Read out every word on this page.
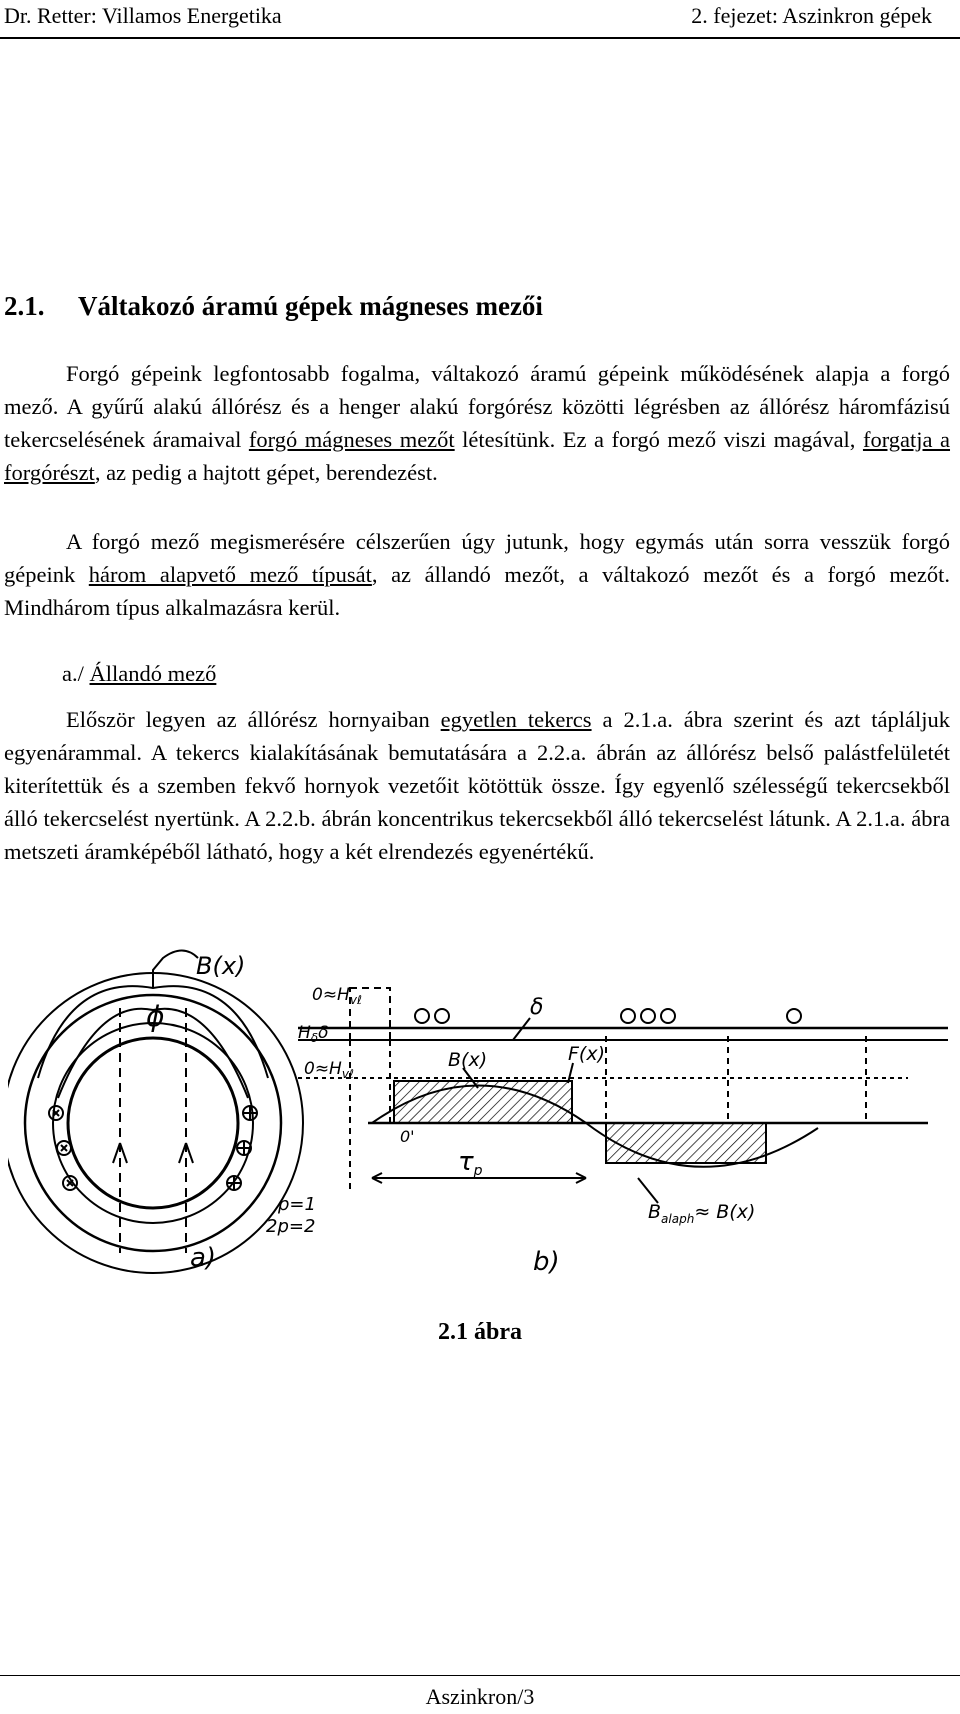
Dr. Retter: Villamos Energetika	2. fejezet: Aszinkron gépek
2.1. Váltakozó áramú gépek mágneses mezői

Forgó gépeink legfontosabb fogalma, váltakozó áramú gépeink működésének alapja a forgó mező. A gyűrű alakú állórész és a henger alakú forgórész közötti légrésben az állórész háromfázisú tekercselésének áramaival forgó mágneses mezőt létesítünk. Ez a forgó mező viszi magával, forgatja a forgórészt, az pedig a hajtott gépet, berendezést.

A forgó mező megismerésére célszerűen úgy jutunk, hogy egymás után sorra vesszük forgó gépeink három alapvető mező típusát, az állandó mezőt, a váltakozó mezőt és a forgó mezőt. Mindhárom típus alkalmazásra kerül.

a./ Állandó mező

Először legyen az állórész hornyaiban egyetlen tekercs a 2.1.a. ábra szerint és azt tápláljuk egyenárammal. A tekercs kialakításának bemutatására a 2.2.a. ábrán az állórész belső palástfelületét kiterítettük és a szemben fekvő hornyok vezetőit kötöttük össze. Így egyenlő szélességű tekercsekből álló tekercselést nyertünk. A 2.2.b. ábrán koncentrikus tekercsekből álló tekercselést látunk. A 2.1.a. ábra metszeti áramképéből látható, hogy a két elrendezés egyenértékű.

B(x)
ϕ
p=1
2p=2
a)
$0\approx H_{v\ell}$
$H_\delta\delta$
$0\approx H_{v\ell}$
δ
B(x)	F(x)
0'
τp
$B_{alaph}\approx B(x)$
b)
2.1 ábra
Aszinkron/3
